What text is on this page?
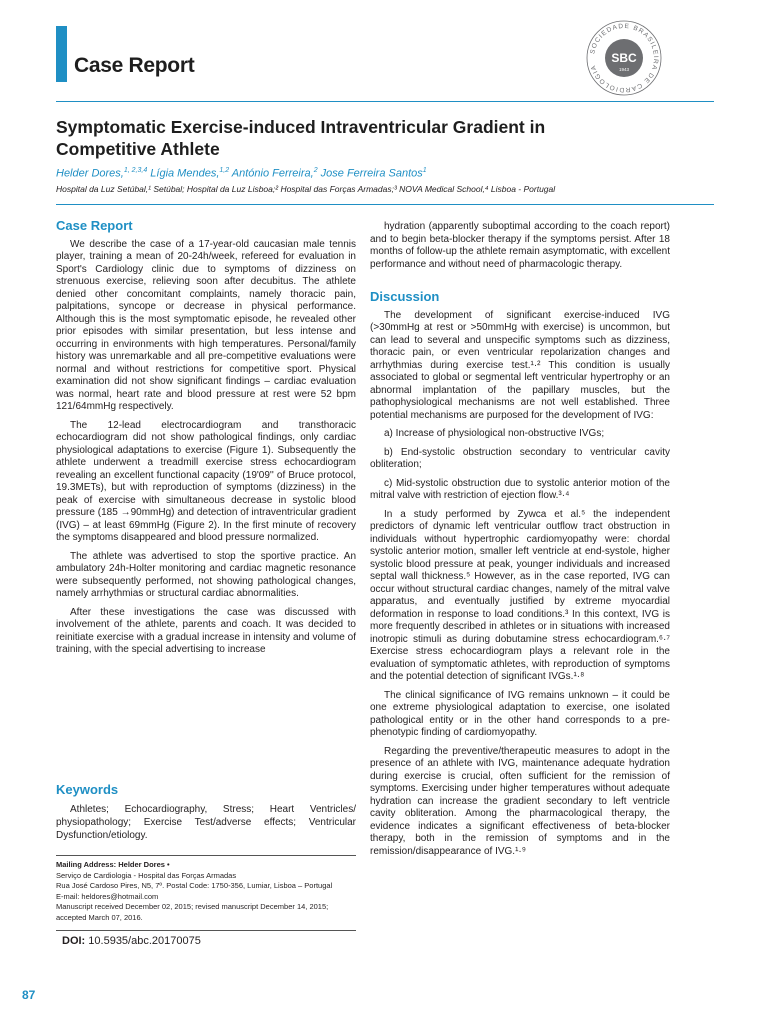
Case Report
SOCIEDADE BRASILEIRA DE CARDIOLOGIA
SBC
1943
Symptomatic Exercise-induced Intraventricular Gradient in
Competitive Athlete
Helder Dores,$^{1, 2,3,4}$ Lígia Mendes,$^{1,2}$ António Ferreira,$^2$ Jose Ferreira Santos$^1$
Hospital da Luz Setúbal,¹ Setúbal; Hospital da Luz Lisboa;² Hospital das Forças Armadas;³ NOVA Medical School,⁴ Lisboa - Portugal
Case Report

We describe the case of a 17-year-old caucasian male tennis player, training a mean of 20-24h/week, refereed for evaluation in Sport's Cardiology clinic due to symptoms of dizziness on strenuous exercise, relieving soon after decubitus. The athlete denied other concomitant complaints, namely thoracic pain, palpitations, syncope or decrease in physical performance. Although this is the most symptomatic episode, he revealed other prior episodes with similar presentation, but less intense and occurring in environments with high temperatures. Personal/family history was unremarkable and all pre-competitive evaluations were normal and without restrictions for competitive sport. Physical examination did not show significant findings – cardiac evaluation was normal, heart rate and blood pressure at rest were 52 bpm 121/64mmHg respectively.

The 12-lead electrocardiogram and transthoracic echocardiogram did not show pathological findings, only cardiac physiological adaptations to exercise (Figure 1). Subsequently the athlete underwent a treadmill exercise stress echocardiogram revealing an excellent functional capacity (19'09'' of Bruce protocol, 19.3METs), but with reproduction of symptoms (dizziness) in the peak of exercise with simultaneous decrease in systolic blood pressure (185 →90mmHg) and detection of intraventricular gradient (IVG) – at least 69mmHg (Figure 2). In the first minute of recovery the symptoms disappeared and blood pressure normalized.

The athlete was advertised to stop the sportive practice. An ambulatory 24h-Holter monitoring and cardiac magnetic resonance were subsequently performed, not showing pathological changes, namely arrhythmias or structural cardiac abnormalities.

After these investigations the case was discussed with involvement of the athlete, parents and coach. It was decided to reinitiate exercise with a gradual increase in intensity and volume of training, with the special advertising to increase

Keywords

Athletes; Echocardiography, Stress; Heart Ventricles/ physiopathology; Exercise Test/adverse effects; Ventricular Dysfunction/etiology.

Mailing Address: Helder Dores •
Serviço de Cardiologia - Hospital das Forças Armadas
Rua José Cardoso Pires, N5, 7º. Postal Code: 1750-356, Lumiar, Lisboa – Portugal
E-mail: heldores@hotmail.com
Manuscript received December 02, 2015; revised manuscript December 14, 2015; accepted March 07, 2016.
DOI: 10.5935/abc.20170075

hydration (apparently suboptimal according to the coach report) and to begin beta-blocker therapy if the symptoms persist. After 18 months of follow-up the athlete remain asymptomatic, with excellent performance and without need of pharmacologic therapy.

Discussion

The development of significant exercise-induced IVG (>30mmHg at rest or >50mmHg with exercise) is uncommon, but can lead to several and unspecific symptoms such as dizziness, thoracic pain, or even ventricular repolarization changes and arrhythmias during exercise test.¹·² This condition is usually associated to global or segmental left ventricular hypertrophy or an abnormal implantation of the papillary muscles, but the pathophysiological mechanisms are not well established. Three potential mechanisms are purposed for the development of IVG:

a) Increase of physiological non-obstructive IVGs;

b) End-systolic obstruction secondary to ventricular cavity obliteration;

c) Mid-systolic obstruction due to systolic anterior motion of the mitral valve with restriction of ejection flow.³·⁴

In a study performed by Zywca et al.⁵ the independent predictors of dynamic left ventricular outflow tract obstruction in individuals without hypertrophic cardiomyopathy were: chordal systolic anterior motion, smaller left ventricle at end-systole, higher systolic blood pressure at peak, younger individuals and increased septal wall thickness.⁵ However, as in the case reported, IVG can occur without structural cardiac changes, namely of the mitral valve apparatus, and eventually justified by extreme myocardial deformation in response to load conditions.³ In this context, IVG is more frequently described in athletes or in situations with increased inotropic stimuli as during dobutamine stress echocardiogram.⁶·⁷ Exercise stress echocardiogram plays a relevant role in the evaluation of symptomatic athletes, with reproduction of symptoms and the potential detection of significant IVGs.¹·⁸

The clinical significance of IVG remains unknown – it could be one extreme physiological adaptation to exercise, one isolated pathological entity or in the other hand corresponds to a pre-phenotypic finding of cardiomyopathy.

Regarding the preventive/therapeutic measures to adopt in the presence of an athlete with IVG, maintenance adequate hydration during exercise is crucial, often sufficient for the remission of symptoms. Exercising under higher temperatures without adequate hydration can increase the gradient secondary to left ventricle cavity obliteration. Among the pharmacological therapy, the evidence indicates a significant effectiveness of beta-blocker therapy, both in the remission of symptoms and in the remission/disappearance of IVG.¹·⁹

87
